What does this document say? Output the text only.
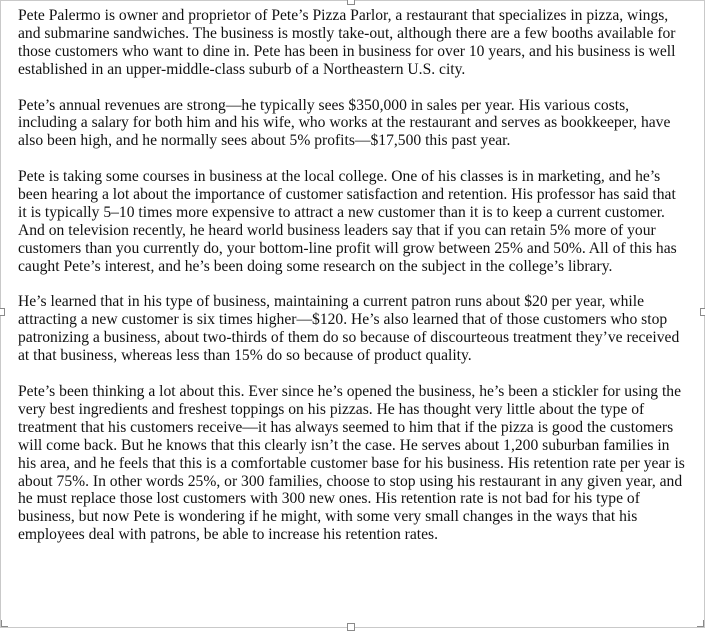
Pete Palermo is owner and proprietor of Pete’s Pizza Parlor, a restaurant that specializes in pizza, wings, and submarine sandwiches. The business is mostly take-out, although there are a few booths available for those customers who want to dine in. Pete has been in business for over 10 years, and his business is well established in an upper-middle-class suburb of a Northeastern U.S. city.

Pete’s annual revenues are strong—he typically sees $350,000 in sales per year. His various costs, including a salary for both him and his wife, who works at the restaurant and serves as bookkeeper, have also been high, and he normally sees about 5% profits—$17,500 this past year.

Pete is taking some courses in business at the local college. One of his classes is in marketing, and he’s been hearing a lot about the importance of customer satisfaction and retention. His professor has said that it is typically 5–10 times more expensive to attract a new customer than it is to keep a current customer. And on television recently, he heard world business leaders say that if you can retain 5% more of your customers than you currently do, your bottom-line profit will grow between 25% and 50%. All of this has caught Pete’s interest, and he’s been doing some research on the subject in the college’s library.

He’s learned that in his type of business, maintaining a current patron runs about $20 per year, while attracting a new customer is six times higher—$120. He’s also learned that of those customers who stop patronizing a business, about two-thirds of them do so because of discourteous treatment they’ve received at that business, whereas less than 15% do so because of product quality.

Pete’s been thinking a lot about this. Ever since he’s opened the business, he’s been a stickler for using the very best ingredients and freshest toppings on his pizzas. He has thought very little about the type of treatment that his customers receive—it has always seemed to him that if the pizza is good the customers will come back. But he knows that this clearly isn’t the case. He serves about 1,200 suburban families in his area, and he feels that this is a comfortable customer base for his business. His retention rate per year is about 75%. In other words 25%, or 300 families, choose to stop using his restaurant in any given year, and he must replace those lost customers with 300 new ones. His retention rate is not bad for his type of business, but now Pete is wondering if he might, with some very small changes in the ways that his employees deal with patrons, be able to increase his retention rates.
